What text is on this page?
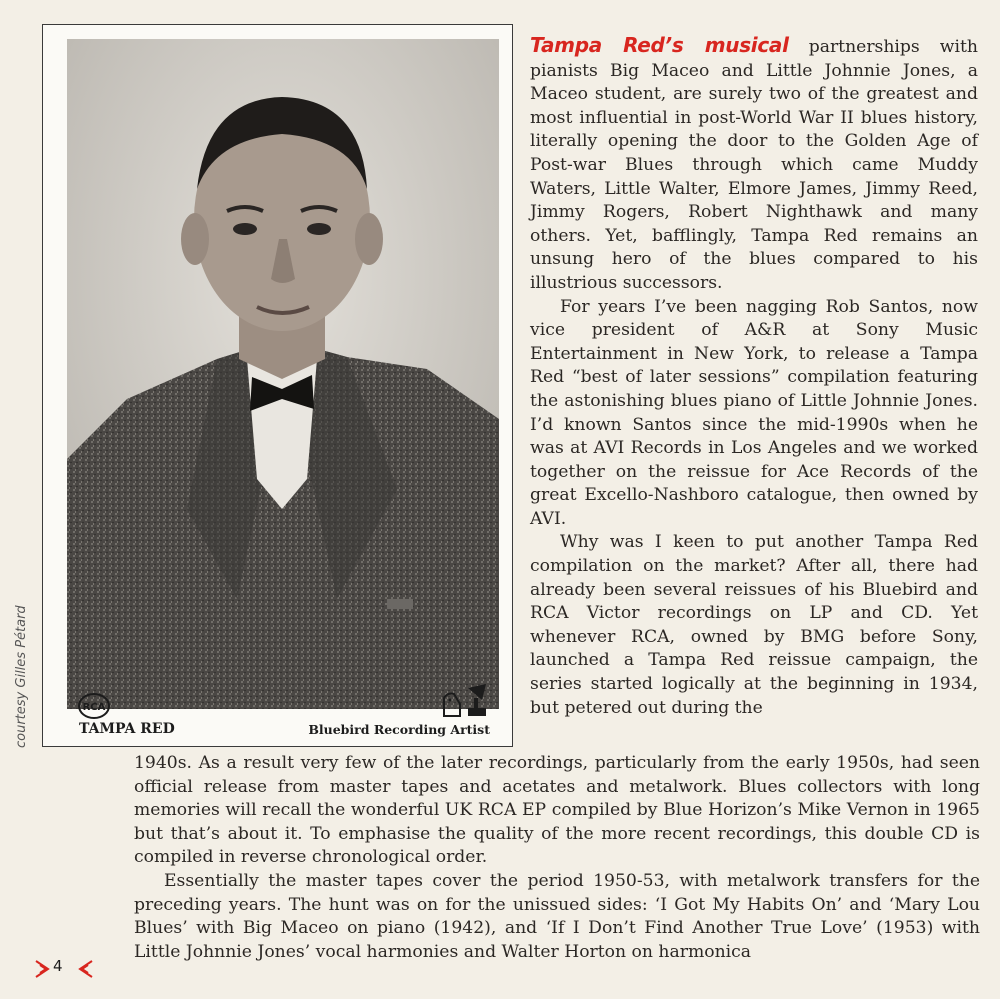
RCA
TAMPA RED	Bluebird Recording Artist
courtesy Gilles Pétard

Tampa Red’s musical partnerships with pianists Big Maceo and Little Johnnie Jones, a Maceo student, are surely two of the greatest and most influential in post-World War II blues history, literally opening the door to the Golden Age of Post-war Blues through which came Muddy Waters, Little Walter, Elmore James, Jimmy Reed, Jimmy Rogers, Robert Nighthawk and many others. Yet, bafflingly, Tampa Red remains an unsung hero of the blues compared to his illustrious successors.

For years I’ve been nagging Rob Santos, now vice president of A&R at Sony Music Entertainment in New York, to release a Tampa Red “best of later sessions” compilation featuring the astonishing blues piano of Little Johnnie Jones. I’d known Santos since the mid-1990s when he was at AVI Records in Los Angeles and we worked together on the reissue for Ace Records of the great Excello-Nashboro catalogue, then owned by AVI.

Why was I keen to put another Tampa Red compilation on the market? After all, there had already been several reissues of his Bluebird and RCA Victor recordings on LP and CD. Yet whenever RCA, owned by BMG before Sony, launched a Tampa Red reissue campaign, the series started logically at the beginning in 1934, but petered out during the

1940s. As a result very few of the later recordings, particularly from the early 1950s, had seen official release from master tapes and acetates and metalwork. Blues collectors with long memories will recall the wonderful UK RCA EP compiled by Blue Horizon’s Mike Vernon in 1965 but that’s about it. To emphasise the quality of the more recent recordings, this double CD is compiled in reverse chronological order.

Essentially the master tapes cover the period 1950-53, with metalwork transfers for the preceding years. The hunt was on for the unissued sides: ‘I Got My Habits On’ and ‘Mary Lou Blues’ with Big Maceo on piano (1942), and ‘If I Don’t Find Another True Love’ (1953) with Little Johnnie Jones’ vocal harmonies and Walter Horton on harmonica

4
